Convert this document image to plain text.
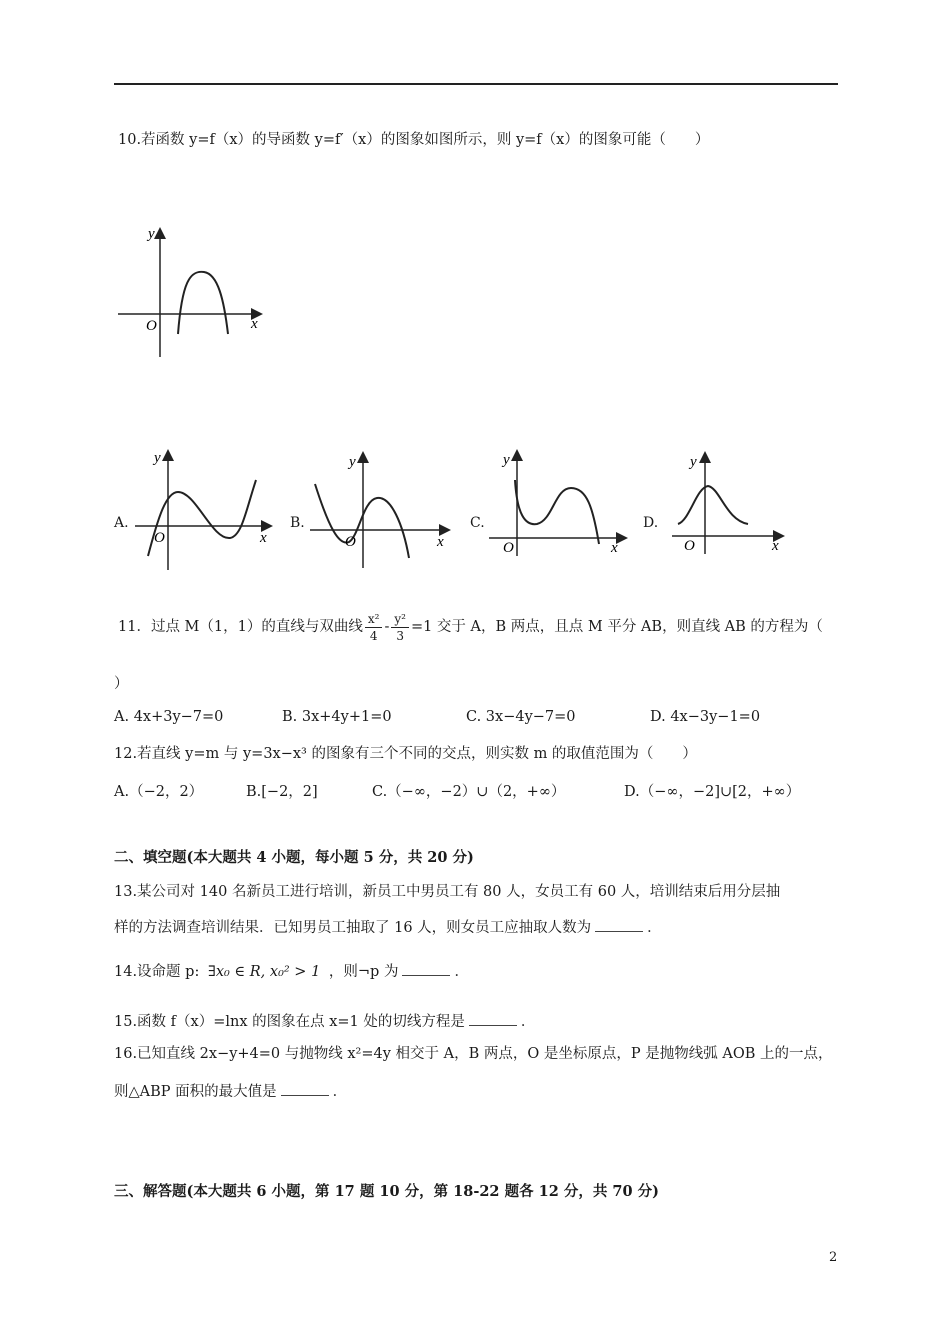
10.若函数 y=f（x）的导函数 y=f′（x）的图象如图所示，则 y=f（x）的图象可能（　　）
y
O	x
A.
y
O	x
B.
y
O	x
C.
y
O	x
D.
y
O	x
11．过点 M（1，1）的直线与双曲线 $\frac{\text{x²}}{4} - \frac{\text{y²}}{3} =1$ 交于 A，B 两点，且点 M 平分 AB，则直线 AB 的方程为（
）
A. 4x+3y−7=0	B. 3x+4y+1=0	C. 3x−4y−7=0	D. 4x−3y−1=0
12.若直线 y=m 与 y=3x−x³ 的图象有三个不同的交点，则实数 m 的取值范围为（　　）
A.（−2，2）	B.[−2，2]	C.（−∞，−2）∪（2，+∞）	D.（−∞，−2]∪[2，+∞）
二、填空题(本大题共 4 小题，每小题 5 分，共 20 分)
13.某公司对 140 名新员工进行培训，新员工中男员工有 80 人，女员工有 60 人，培训结束后用分层抽
样的方法调查培训结果．已知男员工抽取了 16 人，则女员工应抽取人数为	．
14.设命题 p: ∃x₀ ∈ R, x₀² > 1 ，则¬p 为	．
15.函数 f（x）=lnx 的图象在点 x=1 处的切线方程是	．
16.已知直线 2x−y+4=0 与抛物线 x²=4y 相交于 A，B 两点，O 是坐标原点，P 是抛物线弧 AOB 上的一点，
则△ABP 面积的最大值是	．
三、解答题(本大题共 6 小题，第 17 题 10 分，第 18-22 题各 12 分，共 70 分)
2
